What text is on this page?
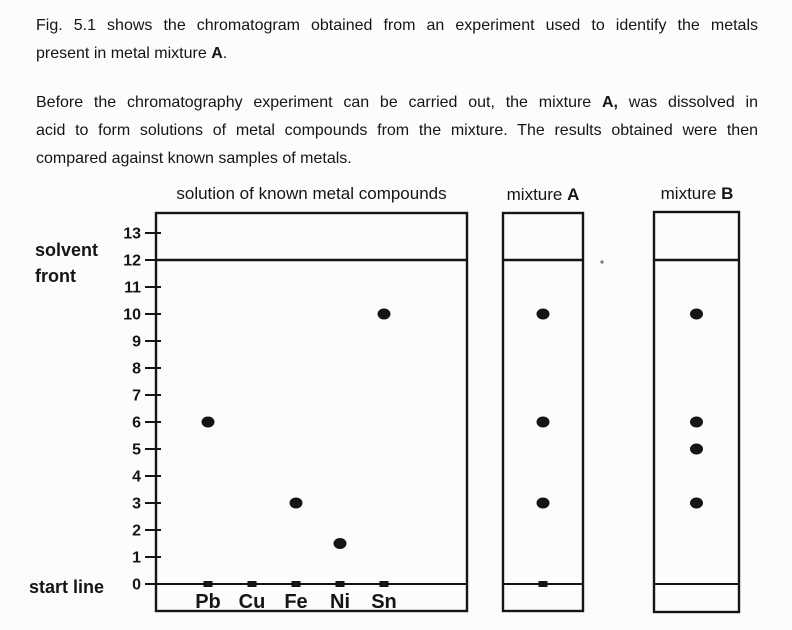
Fig. 5.1 shows the chromatogram obtained from an experiment used to identify the metals
present in metal mixture A.
Before the chromatography experiment can be carried out, the mixture A, was dissolved in
acid to form solutions of metal compounds from the mixture. The results obtained were then
compared against known samples of metals.
solution of known metal compounds	mixture A	mixture B
solvent
front
start line 0
1
2
3
4
5
6
7
8
9
10
11
12
13
Pb Cu Fe Ni Sn
